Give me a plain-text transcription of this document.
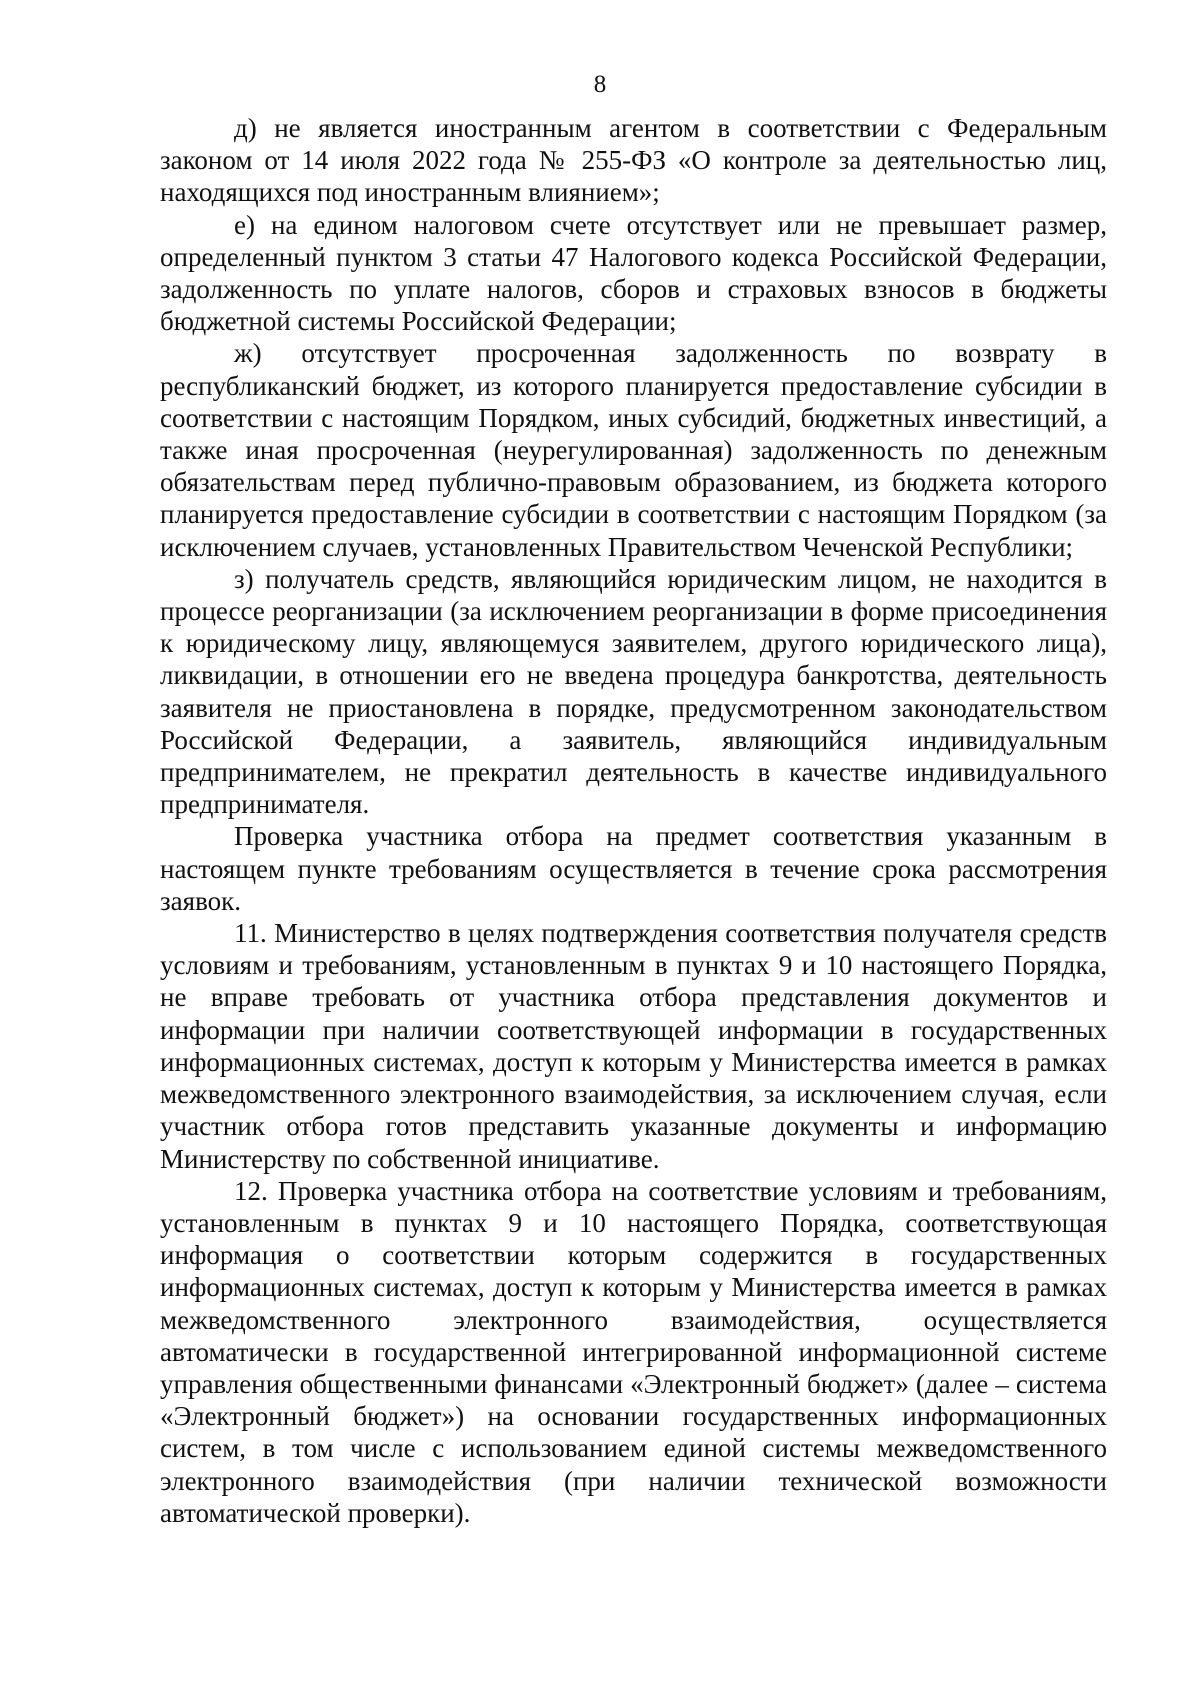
8

д) не является иностранным агентом в соответствии с Федеральным законом от 14 июля 2022 года № 255-ФЗ «О контроле за деятельностью лиц, находящихся под иностранным влиянием»;

е) на едином налоговом счете отсутствует или не превышает размер, определенный пунктом 3 статьи 47 Налогового кодекса Российской Федерации, задолженность по уплате налогов, сборов и страховых взносов в бюджеты бюджетной системы Российской Федерации;

ж) отсутствует просроченная задолженность по возврату в республиканский бюджет, из которого планируется предоставление субсидии в соответствии с настоящим Порядком, иных субсидий, бюджетных инвестиций, а также иная просроченная (неурегулированная) задолженность по денежным обязательствам перед публично-правовым образованием, из бюджета которого планируется предоставление субсидии в соответствии с настоящим Порядком (за исключением случаев, установленных Правительством Чеченской Республики;

з) получатель средств, являющийся юридическим лицом, не находится в процессе реорганизации (за исключением реорганизации в форме присоединения к юридическому лицу, являющемуся заявителем, другого юридического лица), ликвидации, в отношении его не введена процедура банкротства, деятельность заявителя не приостановлена в порядке, предусмотренном законодательством Российской Федерации, а заявитель, являющийся индивидуальным предпринимателем, не прекратил деятельность в качестве индивидуального предпринимателя.

Проверка участника отбора на предмет соответствия указанным в настоящем пункте требованиям осуществляется в течение срока рассмотрения заявок.

11. Министерство в целях подтверждения соответствия получателя средств условиям и требованиям, установленным в пунктах 9 и 10 настоящего Порядка, не вправе требовать от участника отбора представления документов и информации при наличии соответствующей информации в государственных информационных системах, доступ к которым у Министерства имеется в рамках межведомственного электронного взаимодействия, за исключением случая, если участник отбора готов представить указанные документы и информацию Министерству по собственной инициативе.

12. Проверка участника отбора на соответствие условиям и требованиям, установленным в пунктах 9 и 10 настоящего Порядка, соответствующая информация о соответствии которым содержится в государственных информационных системах, доступ к которым у Министерства имеется в рамках межведомственного электронного взаимодействия, осуществляется автоматически в государственной интегрированной информационной системе управления общественными финансами «Электронный бюджет» (далее – система «Электронный бюджет») на основании государственных информационных систем, в том числе с использованием единой системы межведомственного электронного взаимодействия (при наличии технической возможности автоматической проверки).
